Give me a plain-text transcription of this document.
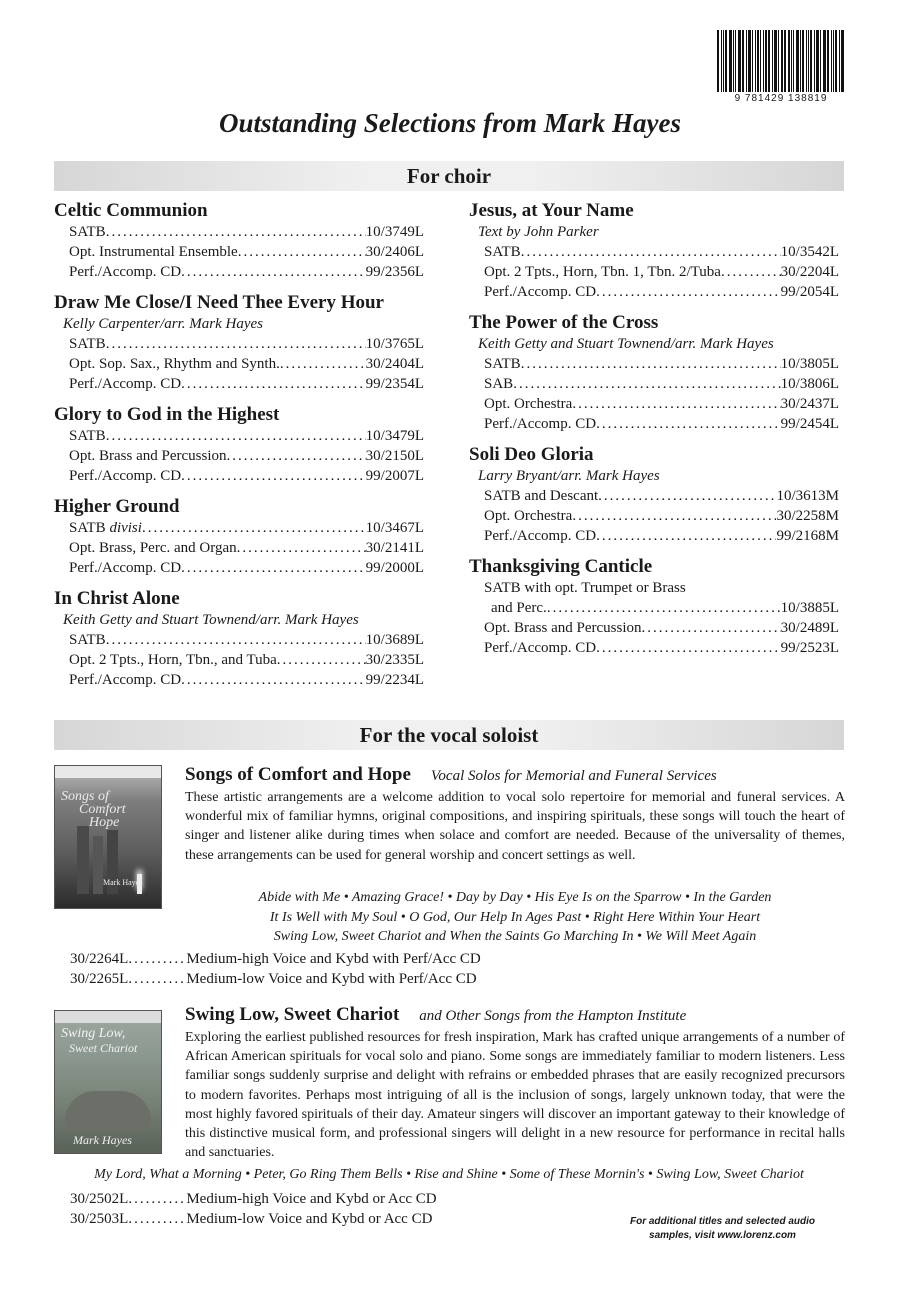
9 781429 138819
Outstanding Selections from Mark Hayes
For choir
Celtic Communion
SATB .....	10/3749L
Opt. Instrumental Ensemble .....	30/2406L
Perf./Accomp. CD .....	99/2356L
Draw Me Close/I Need Thee Every Hour
Kelly Carpenter/arr. Mark Hayes
SATB .....	10/3765L
Opt. Sop. Sax., Rhythm and Synth. .....	30/2404L
Perf./Accomp. CD .....	99/2354L
Glory to God in the Highest
SATB .....	10/3479L
Opt. Brass and Percussion .....	30/2150L
Perf./Accomp. CD .....	99/2007L
Higher Ground
SATB divisi .....	10/3467L
Opt. Brass, Perc. and Organ .....	30/2141L
Perf./Accomp. CD .....	99/2000L
In Christ Alone
Keith Getty and Stuart Townend/arr. Mark Hayes
SATB .....	10/3689L
Opt. 2 Tpts., Horn, Tbn., and Tuba .....	30/2335L
Perf./Accomp. CD .....	99/2234L
Jesus, at Your Name
Text by John Parker
SATB .....	10/3542L
Opt. 2 Tpts., Horn, Tbn. 1, Tbn. 2/Tuba .....	30/2204L
Perf./Accomp. CD .....	99/2054L
The Power of the Cross
Keith Getty and Stuart Townend/arr. Mark Hayes
SATB .....	10/3805L
SAB .....	10/3806L
Opt. Orchestra .....	30/2437L
Perf./Accomp. CD .....	99/2454L
Soli Deo Gloria
Larry Bryant/arr. Mark Hayes
SATB and Descant .....	10/3613M
Opt. Orchestra .....	30/2258M
Perf./Accomp. CD .....	99/2168M
Thanksgiving Canticle
SATB with opt. Trumpet or Brass
and Perc. .....	10/3885L
Opt. Brass and Percussion .....	30/2489L
Perf./Accomp. CD .....	99/2523L
For the vocal soloist
Songs of
Comfort
Hope
Mark Hayes
Songs of Comfort and Hope Vocal Solos for Memorial and Funeral Services
These artistic arrangements are a welcome addition to vocal solo repertoire for memorial and funeral services. A wonderful mix of familiar hymns, original compositions, and inspiring spirituals, these songs will touch the heart of singer and listener alike during times when solace and comfort are needed. Because of the universality of themes, these arrangements can be used for general worship and concert settings as well.
Abide with Me • Amazing Grace! • Day by Day • His Eye Is on the Sparrow • In the Garden
It Is Well with My Soul • O God, Our Help In Ages Past • Right Here Within Your Heart
Swing Low, Sweet Chariot and When the Saints Go Marching In • We Will Meet Again
30/2264L .....	Medium-high Voice and Kybd with Perf/Acc CD
30/2265L .....	Medium-low Voice and Kybd with Perf/Acc CD
Swing Low,
Sweet Chariot
Mark Hayes
Swing Low, Sweet Chariot and Other Songs from the Hampton Institute
Exploring the earliest published resources for fresh inspiration, Mark has crafted unique arrangements of a number of African American spirituals for vocal solo and piano. Some songs are immediately familiar to modern listeners. Less familiar songs suddenly surprise and delight with refrains or embedded phrases that are easily recognized precursors to modern favorites. Perhaps most intriguing of all is the inclusion of songs, largely unknown today, that were the most highly favored spirituals of their day. Amateur singers will discover an important gateway to their knowledge of this distinctive musical form, and professional singers will delight in a new resource for performance in recital halls and sanctuaries.
My Lord, What a Morning • Peter, Go Ring Them Bells • Rise and Shine • Some of These Mornin's • Swing Low, Sweet Chariot
30/2502L .....	Medium-high Voice and Kybd or Acc CD
30/2503L .....	Medium-low Voice and Kybd or Acc CD	For additional titles and selected audio
samples, visit www.lorenz.com
